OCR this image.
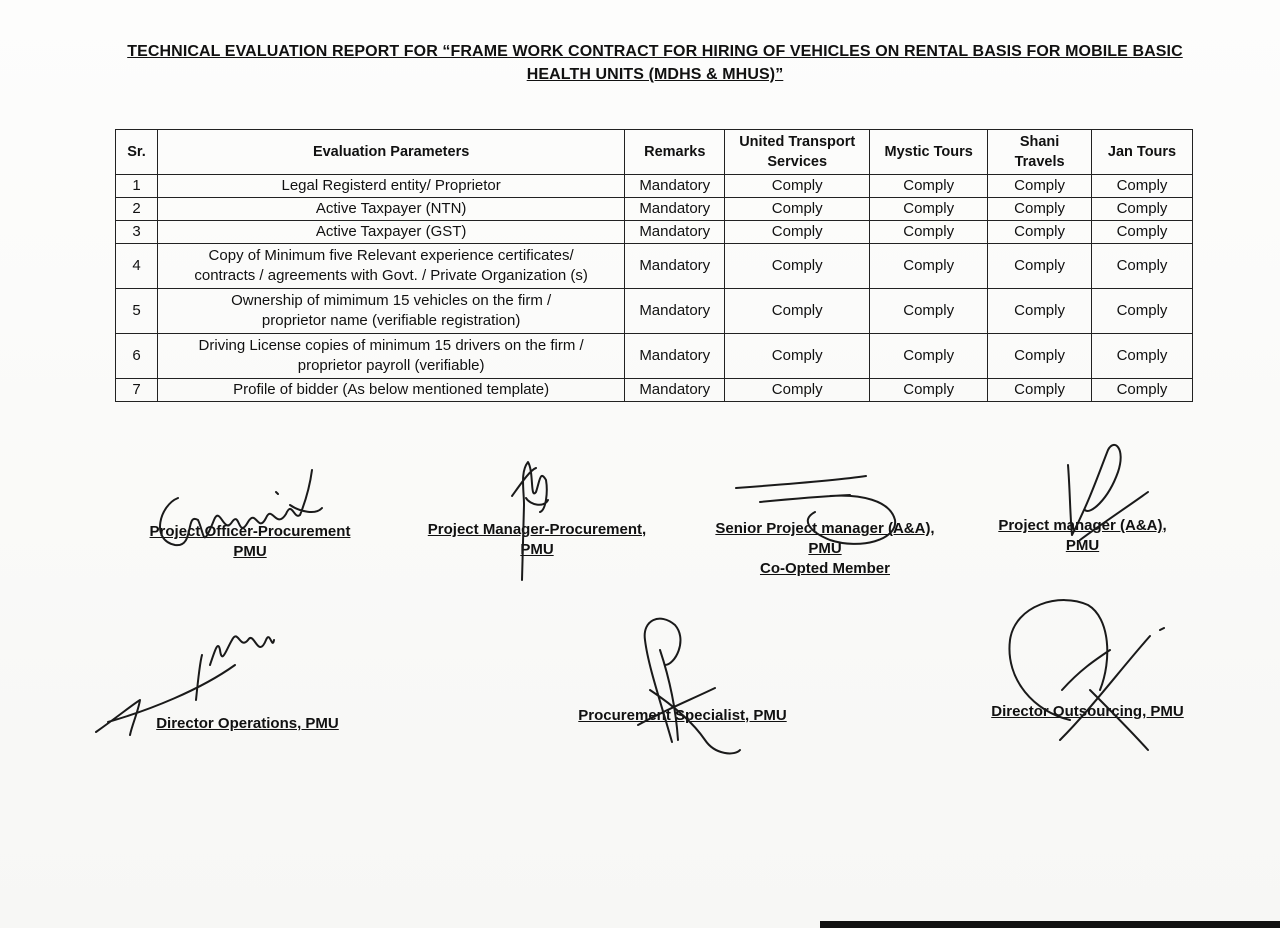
TECHNICAL EVALUATION REPORT FOR “FRAME WORK CONTRACT FOR HIRING OF VEHICLES ON RENTAL BASIS FOR MOBILE BASIC
HEALTH UNITS (MDHS & MHUS)”
Sr.	Evaluation Parameters	Remarks	United Transport Services	Mystic Tours	Shani Travels	Jan Tours
1	Legal Registerd entity/ Proprietor	Mandatory	Comply	Comply	Comply	Comply
2	Active Taxpayer (NTN)	Mandatory	Comply	Comply	Comply	Comply
3	Active Taxpayer (GST)	Mandatory	Comply	Comply	Comply	Comply
4	Copy of Minimum five Relevant experience certificates/
contracts / agreements with Govt. / Private Organization (s)	Mandatory	Comply	Comply	Comply	Comply
5	Ownership of mimimum 15 vehicles on the firm /
proprietor name (verifiable registration)	Mandatory	Comply	Comply	Comply	Comply
6	Driving License copies of minimum 15 drivers on the firm /
proprietor payroll (verifiable)	Mandatory	Comply	Comply	Comply	Comply
7	Profile of bidder (As below mentioned template)	Mandatory	Comply	Comply	Comply	Comply
Project Officer-Procurement
PMU
Project Manager-Procurement,
PMU
Senior Project manager (A&A),
PMU
Co-Opted Member
Project manager (A&A),
PMU
Director Operations, PMU	Procurement Specialist, PMU	Director Outsourcing, PMU
